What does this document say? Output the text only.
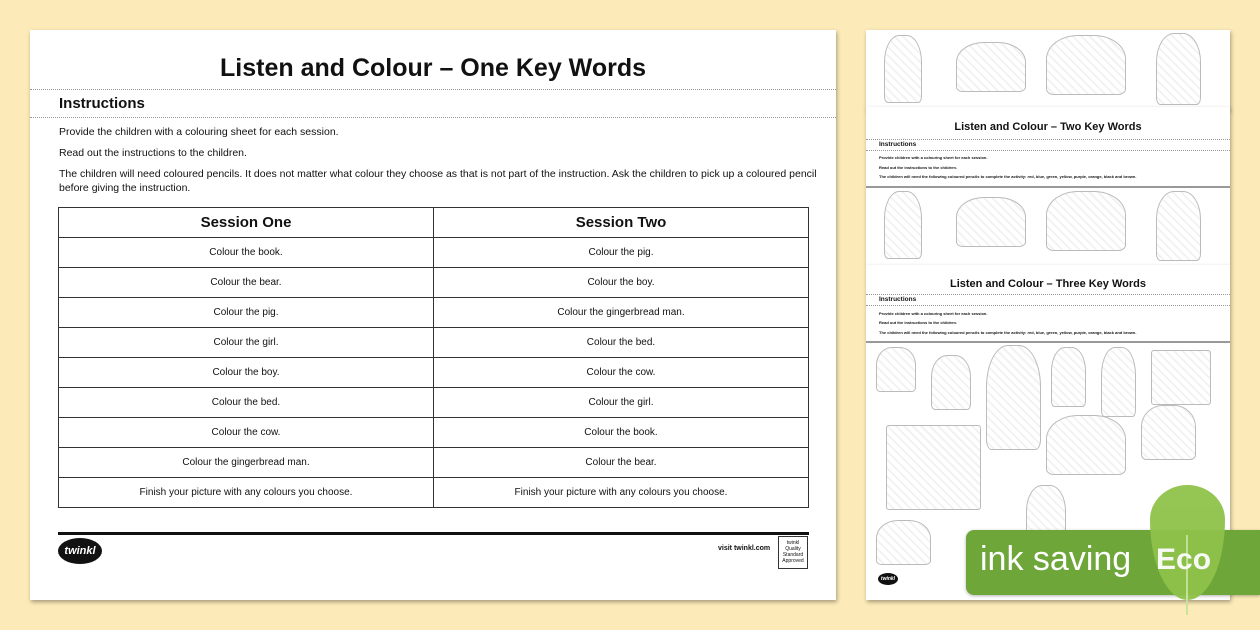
Listen and Colour – One Key Words
Instructions
Provide the children with a colouring sheet for each session.
Read out the instructions to the children.
The children will need coloured pencils. It does not matter what colour they choose as that is not part of the instruction. Ask the children to pick up a coloured pencil before giving the instruction.
Session One	Session Two
Colour the book.	Colour the pig.
Colour the bear.	Colour the boy.
Colour the pig.	Colour the gingerbread man.
Colour the girl.	Colour the bed.
Colour the boy.	Colour the cow.
Colour the bed.	Colour the girl.
Colour the cow.	Colour the book.
Colour the gingerbread man.	Colour the bear.
Finish your picture with any colours you choose.	Finish your picture with any colours you choose.
twinkl	visit twinkl.com
twinkl Quality Standard Approved
Listen and Colour – Two Key Words
Instructions
Provide children with a colouring sheet for each session.
Read out the instructions to the children.
The children will need the following coloured pencils to complete the activity: red, blue, green, yellow, purple, orange, black and brown.
Listen and Colour – Three Key Words
Instructions
Provide children with a colouring sheet for each session.
Read out the instructions to the children.
The children will need the following coloured pencils to complete the activity: red, blue, green, yellow, purple, orange, black and brown.
twinkl
ink saving Eco
